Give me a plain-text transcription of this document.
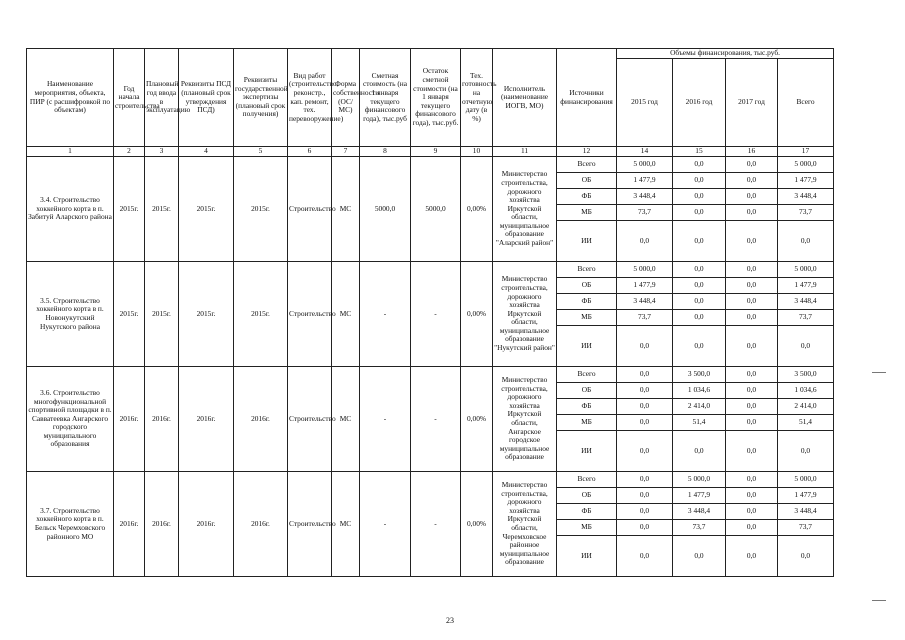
Наименование мероприятия, объекта, ПИР (с расшифровкой по объектам)	Год начала строительства	Плановый год ввода в эксплуатацию	Реквизиты ПСД (плановый срок утверждения ПСД)	Реквизиты государственной экспертизы (плановый срок получения)	Вид работ (строительство, реконстр., кап. ремонт, тех. перевооружение)	Форма собственности (ОС/МС)	Сметная стоимость (на 1 января текущего финансового года), тыс.руб	Остаток сметной стоимости (на 1 января текущего финансового года), тыс.руб.	Тех. готовность на отчетную дату (в %)	Исполнитель (наименование ИОГВ, МО)	Источники финансирования	Объемы финансирования, тыс.руб.			
												2015 год	2016 год	2017 год	Всего
1	2	3	4	5	6	7	8	9	10	11	12	14	15	16	17
3.4. Строительство хоккейного корта в п. Забитуй Аларского района	2015г.	2015г.	2015г.	2015г.	Строительство	МС	5000,0	5000,0	0,00%	Министерство строительства, дорожного хозяйства Иркутской области, муниципальное образование "Аларский район"	Всего	5 000,0	0,0	0,0	5 000,0
											ОБ	1 477,9	0,0	0,0	1 477,9
											ФБ	3 448,4	0,0	0,0	3 448,4
											МБ	73,7	0,0	0,0	73,7
											ИИ	0,0	0,0	0,0	0,0
3.5. Строительство хоккейного корта в п. Новонукутский Нукутского района	2015г.	2015г.	2015г.	2015г.	Строительство	МС	-	-	0,00%	Министерство строительства, дорожного хозяйства Иркутской области, муниципальное образование "Нукутский район"	Всего	5 000,0	0,0	0,0	5 000,0
											ОБ	1 477,9	0,0	0,0	1 477,9
											ФБ	3 448,4	0,0	0,0	3 448,4
											МБ	73,7	0,0	0,0	73,7
											ИИ	0,0	0,0	0,0	0,0
3.6. Строительство многофункциональной спортивной площадки в п. Савватеевка Ангарского городского муниципального образования	2016г.	2016г.	2016г.	2016г.	Строительство	МС	-	-	0,00%	Министерство строительства, дорожного хозяйства Иркутской области, Ангарское городское муниципальное образование	Всего	0,0	3 500,0	0,0	3 500,0
											ОБ	0,0	1 034,6	0,0	1 034,6
											ФБ	0,0	2 414,0	0,0	2 414,0
											МБ	0,0	51,4	0,0	51,4
											ИИ	0,0	0,0	0,0	0,0
3.7. Строительство хоккейного корта в п. Бельск Черемховского районного МО	2016г.	2016г.	2016г.	2016г.	Строительство	МС	-	-	0,00%	Министерство строительства, дорожного хозяйства Иркутской области, Черемховское районное муниципальное образование	Всего	0,0	5 000,0	0,0	5 000,0
											ОБ	0,0	1 477,9	0,0	1 477,9
											ФБ	0,0	3 448,4	0,0	3 448,4
											МБ	0,0	73,7	0,0	73,7
											ИИ	0,0	0,0	0,0	0,0
23
